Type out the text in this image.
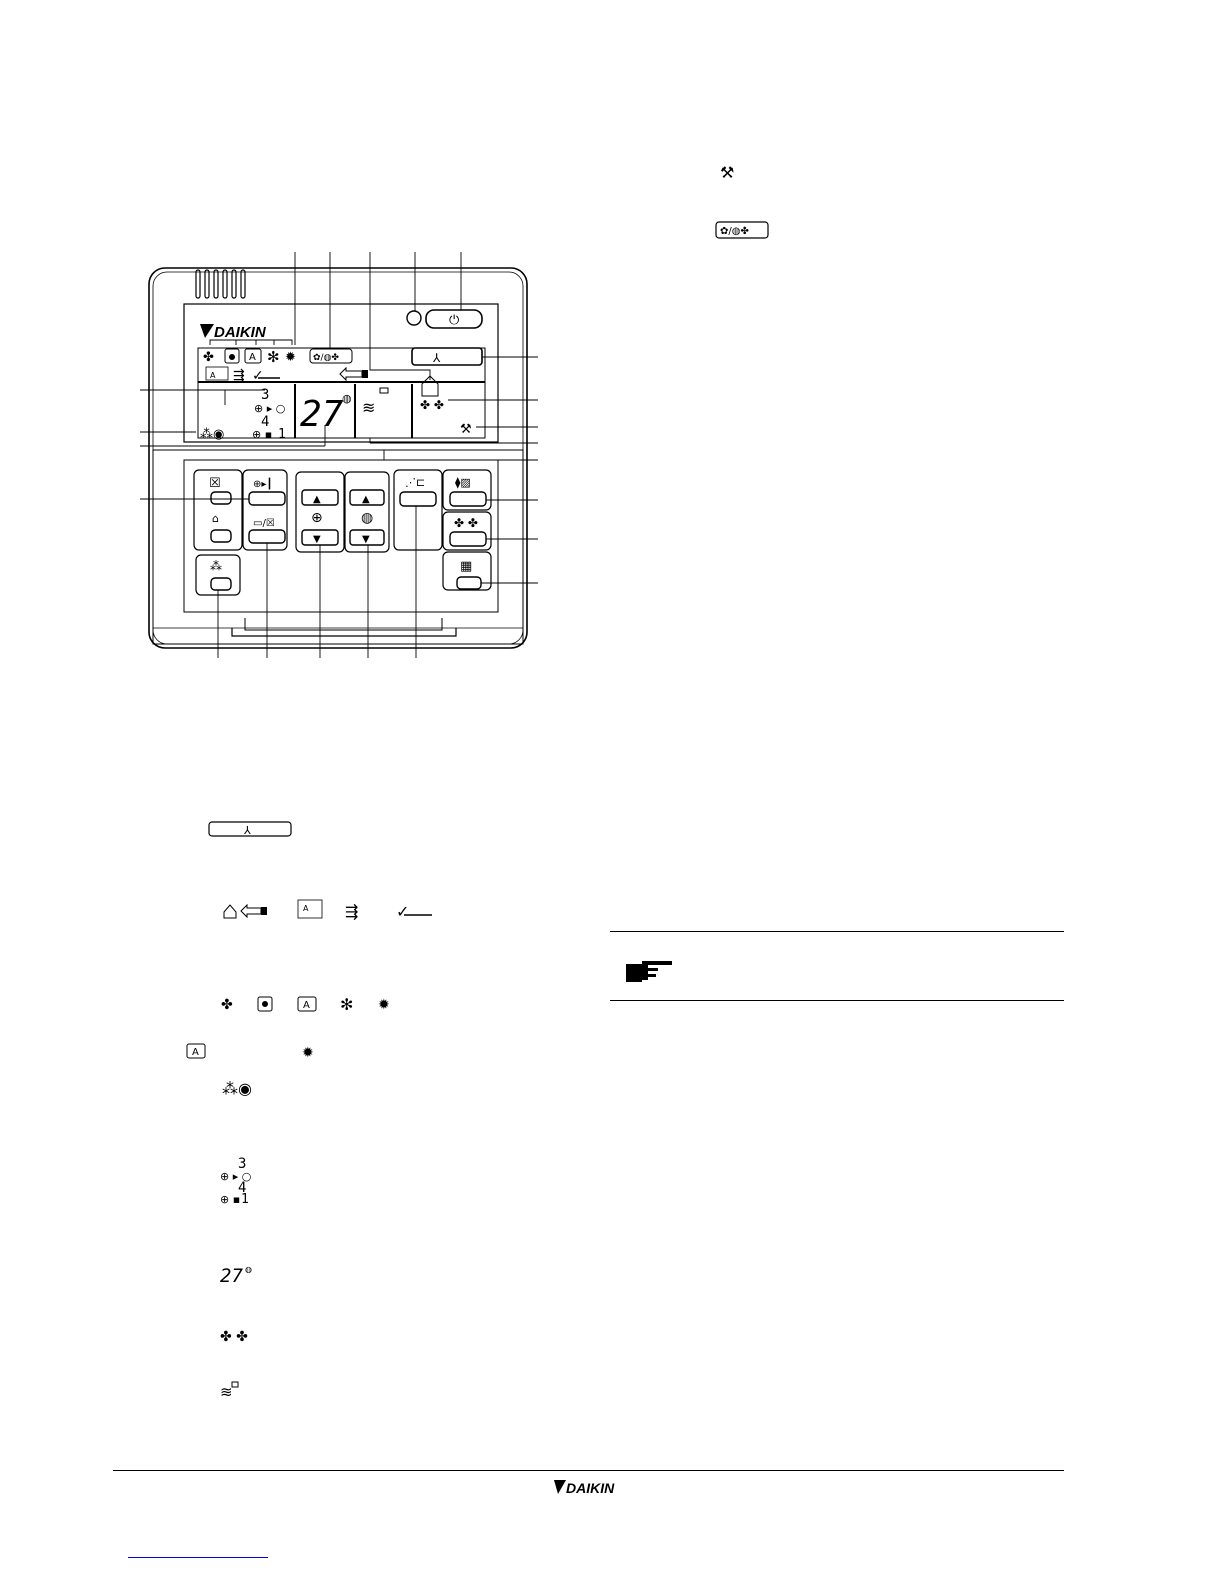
DAIKIN
✤	A ✻ ✹ ✿/◍✤
A ⇶ ✓
✤ ✤
⚒
⅄
3
⊕ ▸ ○
4
⊕ ▪ 1
⁂◉ 27
◍ ≋
⏻
☒
⌂
⊕▸┃
▭/☒
▲
⊕
▼
▲
◍
▼
⋰⊏	⧫▨
✤ ✤
▦
⁂
⅄
A ⇶ ✓
✤	A ✻ ✹
A	✹
⁂◉
3
⊕ ▸ ○
4
⊕ ▪ 1
27 ◍
✤ ✤
≋
⚒
✿/◍✤
DAIKIN
